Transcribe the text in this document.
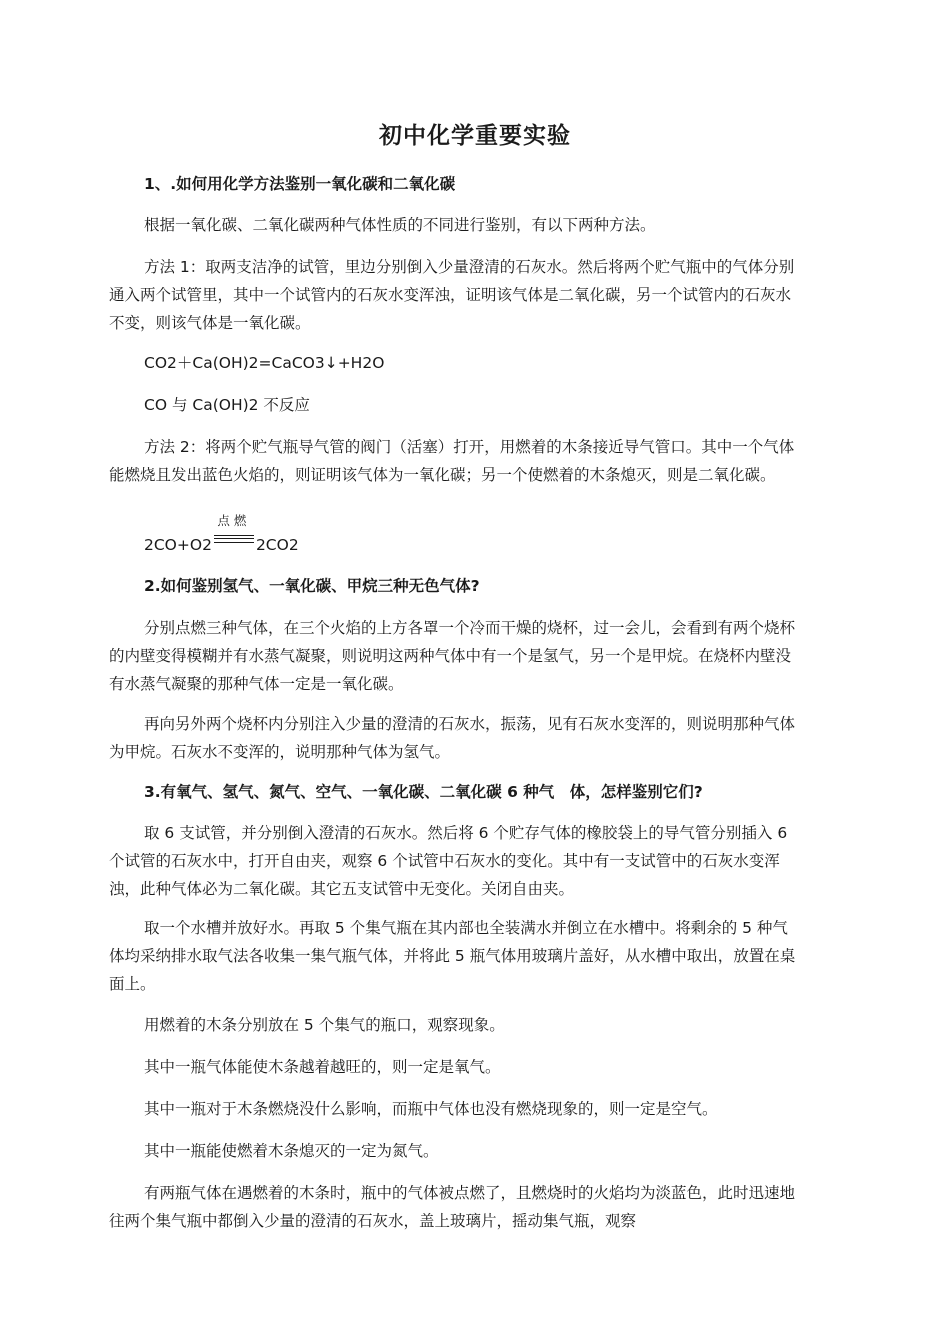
初中化学重要实验
1、.如何用化学方法鉴别一氧化碳和二氧化碳
根据一氧化碳、二氧化碳两种气体性质的不同进行鉴别，有以下两种方法。
方法 1：取两支洁净的试管，里边分别倒入少量澄清的石灰水。然后将两个贮气瓶中的气体分别通入两个试管里，其中一个试管内的石灰水变浑浊，证明该气体是二氧化碳，另一个试管内的石灰水不变，则该气体是一氧化碳。
CO2＋Ca(OH)2=CaCO3↓+H2O
CO 与 Ca(OH)2 不反应
方法 2：将两个贮气瓶导气管的阀门（活塞）打开，用燃着的木条接近导气管口。其中一个气体能燃烧且发出蓝色火焰的，则证明该气体为一氧化碳；另一个使燃着的木条熄灭，则是二氧化碳。
2CO+O2
点燃
2CO2
2.如何鉴别氢气、一氧化碳、甲烷三种无色气体?
分别点燃三种气体，在三个火焰的上方各罩一个冷而干燥的烧杯，过一会儿，会看到有两个烧杯的内壁变得模糊并有水蒸气凝聚，则说明这两种气体中有一个是氢气，另一个是甲烷。在烧杯内壁没有水蒸气凝聚的那种气体一定是一氧化碳。
再向另外两个烧杯内分别注入少量的澄清的石灰水，振荡，见有石灰水变浑的，则说明那种气体为甲烷。石灰水不变浑的，说明那种气体为氢气。
3.有氧气、氢气、氮气、空气、一氧化碳、二氧化碳 6 种气　体，怎样鉴别它们?
取 6 支试管，并分别倒入澄清的石灰水。然后将 6 个贮存气体的橡胶袋上的导气管分别插入 6 个试管的石灰水中，打开自由夹，观察 6 个试管中石灰水的变化。其中有一支试管中的石灰水变浑浊，此种气体必为二氧化碳。其它五支试管中无变化。关闭自由夹。
取一个水槽并放好水。再取 5 个集气瓶在其内部也全装满水并倒立在水槽中。将剩余的 5 种气体均采纳排水取气法各收集一集气瓶气体，并将此 5 瓶气体用玻璃片盖好，从水槽中取出，放置在桌面上。
用燃着的木条分别放在 5 个集气的瓶口，观察现象。
其中一瓶气体能使木条越着越旺的，则一定是氧气。
其中一瓶对于木条燃烧没什么影响，而瓶中气体也没有燃烧现象的，则一定是空气。
其中一瓶能使燃着木条熄灭的一定为氮气。
有两瓶气体在遇燃着的木条时，瓶中的气体被点燃了，且燃烧时的火焰均为淡蓝色，此时迅速地往两个集气瓶中都倒入少量的澄清的石灰水，盖上玻璃片，摇动集气瓶，观察
